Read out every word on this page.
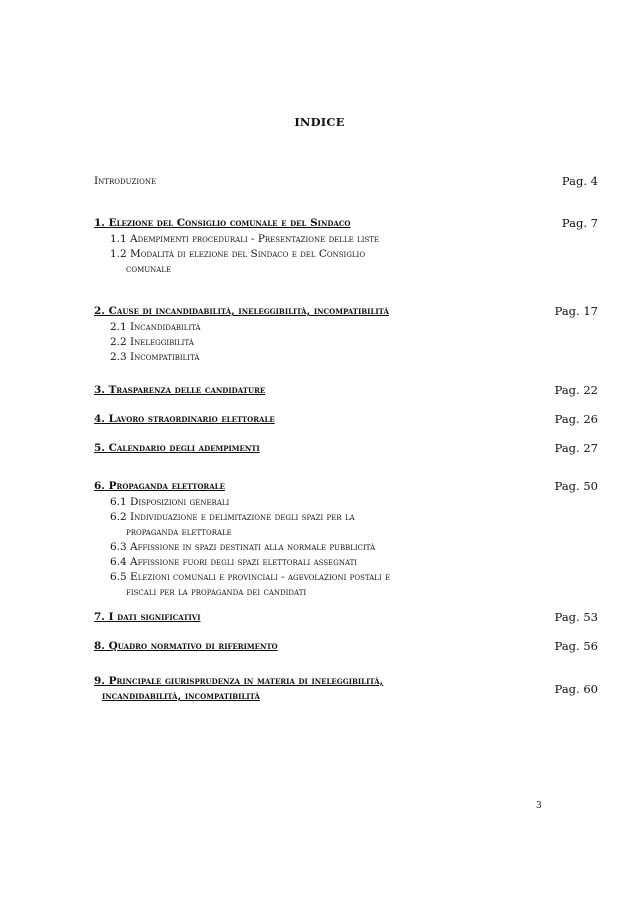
INDICE
Introduzione	Pag. 4
1. Elezione del Consiglio comunale e del Sindaco	Pag. 7
1.1 Adempimenti procedurali - Presentazione delle liste
1.2 Modalità di elezione del Sindaco e del Consiglio
comunale
2. Cause di incandidabilità, ineleggibilità, incompatibilità	Pag. 17
2.1 Incandidabilità
2.2 Ineleggibilità
2.3 Incompatibilità
3. Trasparenza delle candidature	Pag. 22
4. Lavoro straordinario elettorale	Pag. 26
5. Calendario degli adempimenti	Pag. 27
6. Propaganda elettorale	Pag. 50
6.1 Disposizioni generali
6.2 Individuazione e delimitazione degli spazi per la
propaganda elettorale
6.3 Affissione in spazi destinati alla normale pubblicità
6.4 Affissione fuori degli spazi elettorali assegnati
6.5 Elezioni comunali e provinciali - agevolazioni postali e
fiscali per la propaganda dei candidati
7. I dati significativi	Pag. 53
8. Quadro normativo di riferimento	Pag. 56
9. Principale giurisprudenza in materia di ineleggibilità,
incandidabilità, incompatibilità	Pag. 60
3
